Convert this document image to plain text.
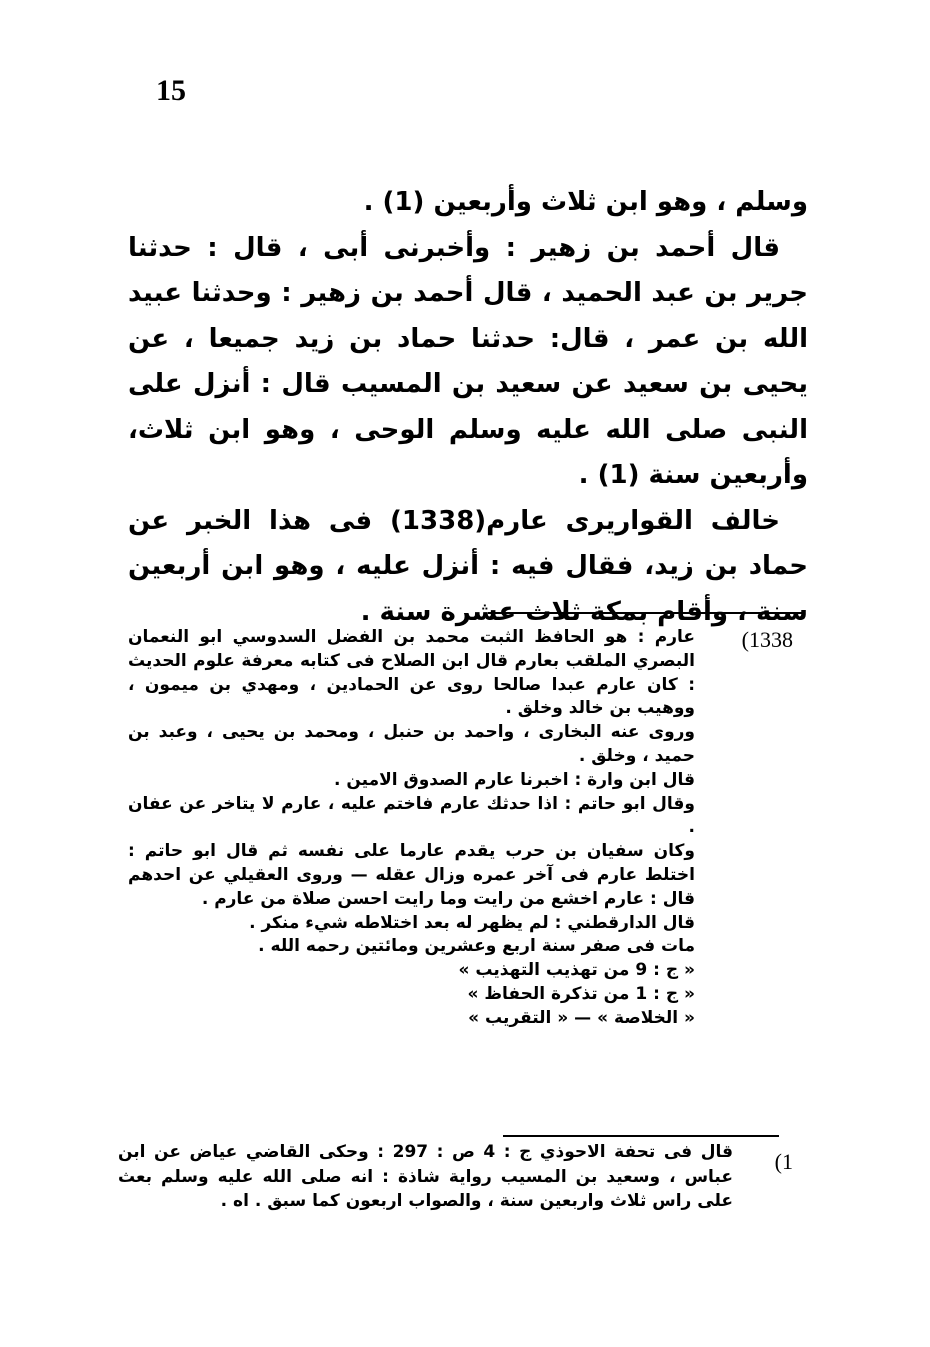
15

وسلم ، وهو ابن ثلاث وأربعين (1) .

قال أحمد بن زهير : وأخبرنى أبى ، قال : حدثنا جرير بن عبد الحميد ، قال أحمد بن زهير : وحدثنا عبيد الله بن عمر ، قال: حدثنا حماد بن زيد جميعا ، عن يحيى بن سعيد عن سعيد بن المسيب قال : أنزل على النبى صلى الله عليه وسلم الوحى ، وهو ابن ثلاث، وأربعين سنة (1) .

خالف القواريرى عارم(1338) فى هذا الخبر عن حماد بن زيد، فقال فيه : أنزل عليه ، وهو ابن أربعين سنة ، وأقام بمكة ثلاث عشرة سنة .

1338)
عارم : هو الحافظ الثبت محمد بن الفضل السدوسي ابو النعمان البصري الملقب بعارم قال ابن الصلاح فى كتابه معرفة علوم الحديث : كان عارم عبدا صالحا روى عن الحمادين ، ومهدي بن ميمون ، ووهيب بن خالد وخلق .
وروى عنه البخارى ، واحمد بن حنبل ، ومحمد بن يحيى ، وعبد بن حميد ، وخلق .
قال ابن وارة : اخبرنا عارم الصدوق الامين .
وقال ابو حاتم : اذا حدثك عارم فاختم عليه ، عارم لا يتاخر عن عفان .
وكان سفيان بن حرب يقدم عارما على نفسه ثم قال ابو حاتم : اختلط عارم فى آخر عمره وزال عقله — وروى العقيلي عن احدهم قال : عارم اخشع من رايت وما رايت احسن صلاة من عارم .
قال الدارقطني : لم يظهر له بعد اختلاطه شيء منكر .
مات فى صفر سنة اربع وعشرين ومائتين رحمه الله .
« ج : 9 من تهذيب التهذيب »
« ج : 1 من تذكرة الحفاظ »
« الخلاصة » — « التقريب »
1)
قال فى تحفة الاحوذي ج : 4 ص : 297 : وحكى القاضي عياض عن ابن عباس ، وسعيد بن المسيب رواية شاذة : انه صلى الله عليه وسلم بعث على راس ثلاث واربعين سنة ، والصواب اربعون كما سبق . اه .
